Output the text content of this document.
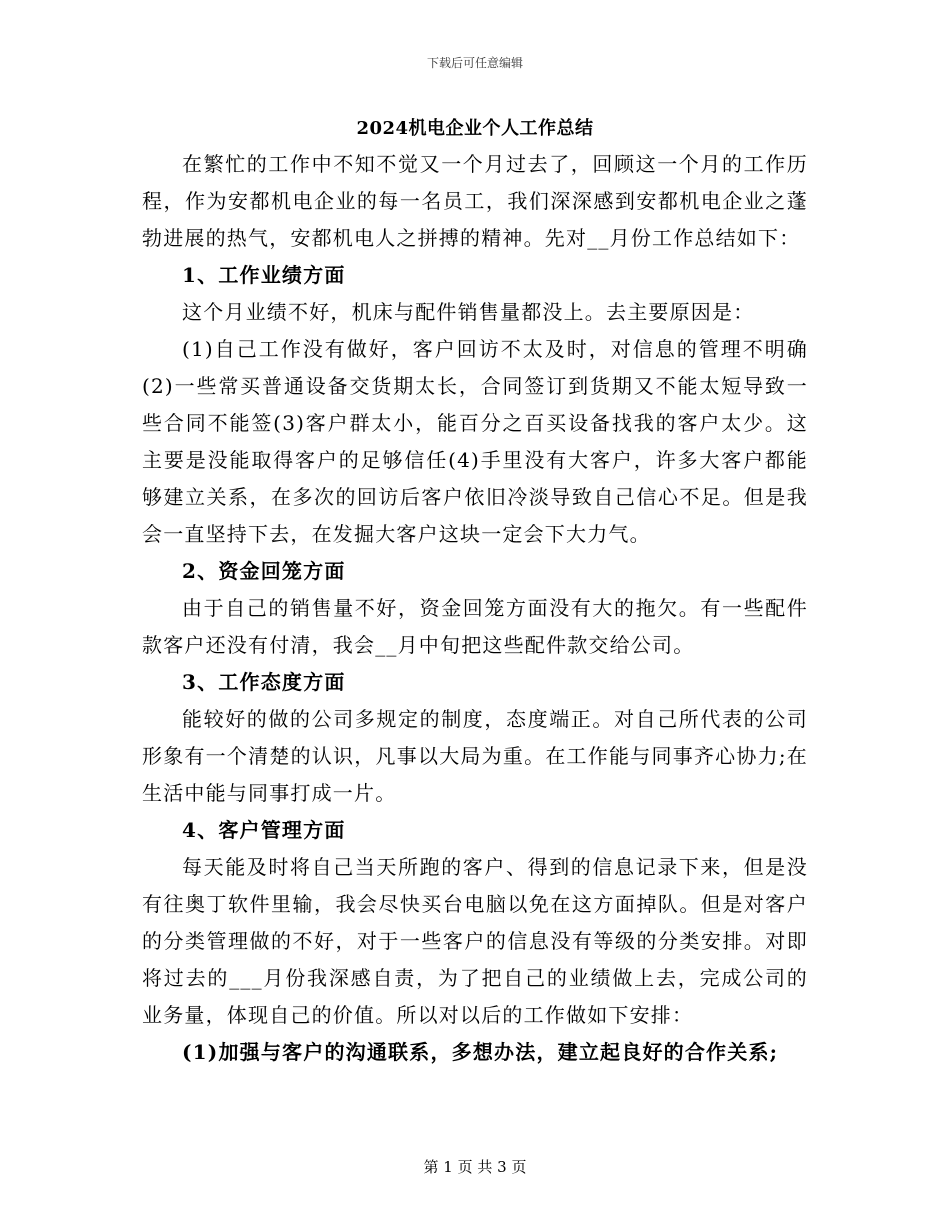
下载后可任意编辑
2024机电企业个人工作总结

在繁忙的工作中不知不觉又一个月过去了，回顾这一个月的工作历程，作为安都机电企业的每一名员工，我们深深感到安都机电企业之蓬勃进展的热气，安都机电人之拼搏的精神。先对__月份工作总结如下：

1、工作业绩方面

这个月业绩不好，机床与配件销售量都没上。去主要原因是：

(1)自己工作没有做好，客户回访不太及时，对信息的管理不明确(2)一些常买普通设备交货期太长，合同签订到货期又不能太短导致一些合同不能签(3)客户群太小，能百分之百买设备找我的客户太少。这主要是没能取得客户的足够信任(4)手里没有大客户，许多大客户都能够建立关系，在多次的回访后客户依旧冷淡导致自己信心不足。但是我会一直坚持下去，在发掘大客户这块一定会下大力气。

2、资金回笼方面

由于自己的销售量不好，资金回笼方面没有大的拖欠。有一些配件款客户还没有付清，我会__月中旬把这些配件款交给公司。

3、工作态度方面

能较好的做的公司多规定的制度，态度端正。对自己所代表的公司形象有一个清楚的认识，凡事以大局为重。在工作能与同事齐心协力;在生活中能与同事打成一片。

4、客户管理方面

每天能及时将自己当天所跑的客户、得到的信息记录下来，但是没有往奥丁软件里输，我会尽快买台电脑以免在这方面掉队。但是对客户的分类管理做的不好，对于一些客户的信息没有等级的分类安排。对即将过去的___月份我深感自责，为了把自己的业绩做上去，完成公司的业务量，体现自己的价值。所以对以后的工作做如下安排：

(1)加强与客户的沟通联系，多想办法，建立起良好的合作关系;

第 1 页 共 3 页
